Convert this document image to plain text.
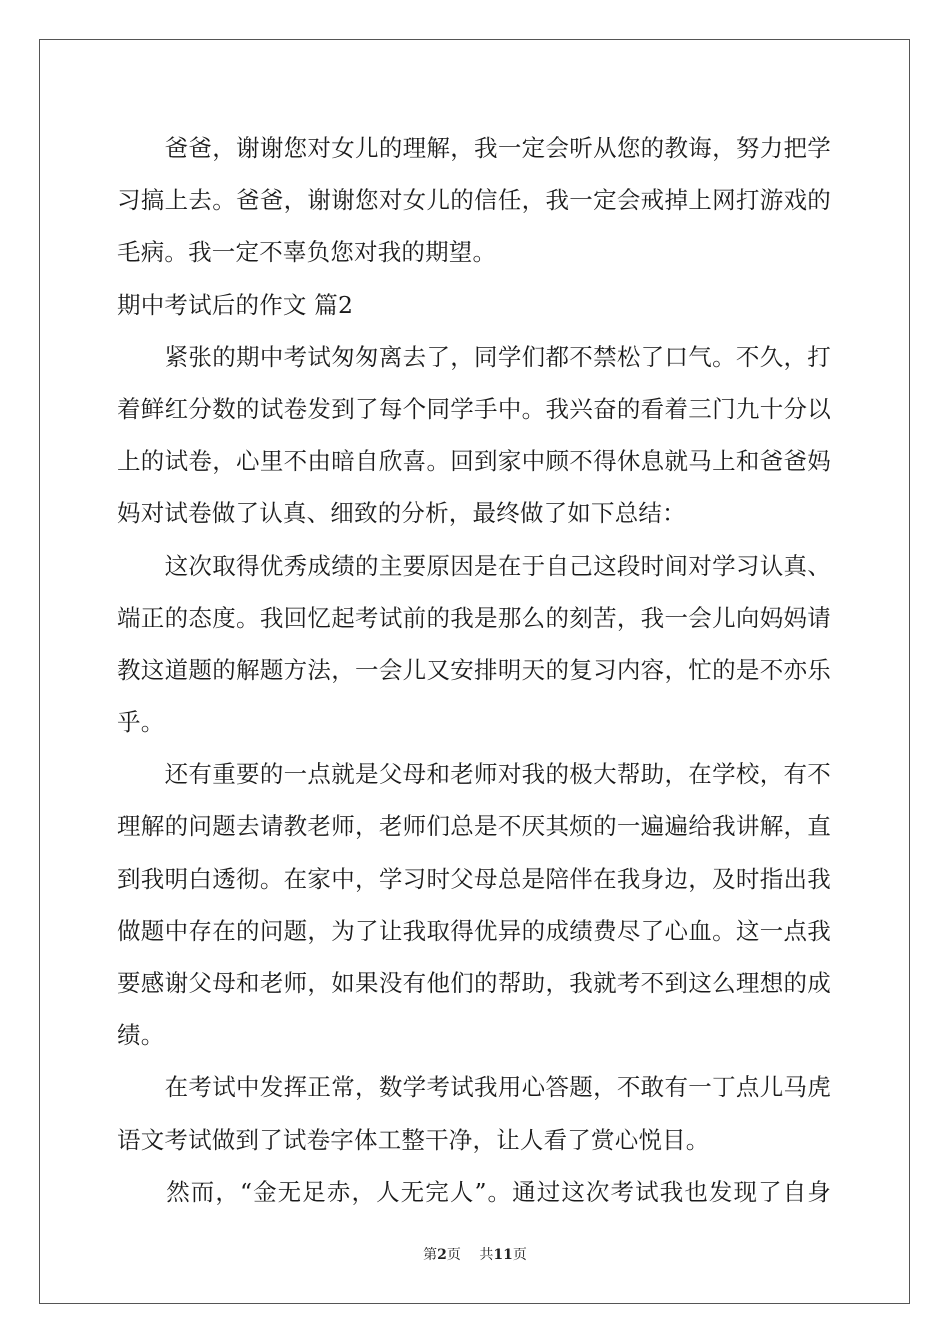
　　爸爸，谢谢您对女儿的理解，我一定会听从您的教诲，努力把学
习搞上去。爸爸，谢谢您对女儿的信任，我一定会戒掉上网打游戏的
毛病。我一定不辜负您对我的期望。
期中考试后的作文 篇2
　　紧张的期中考试匆匆离去了，同学们都不禁松了口气。不久，打
着鲜红分数的试卷发到了每个同学手中。我兴奋的看着三门九十分以
上的试卷，心里不由暗自欣喜。回到家中顾不得休息就马上和爸爸妈
妈对试卷做了认真、细致的分析，最终做了如下总结：
　　这次取得优秀成绩的主要原因是在于自己这段时间对学习认真、
端正的态度。我回忆起考试前的我是那么的刻苦，我一会儿向妈妈请
教这道题的解题方法，一会儿又安排明天的复习内容，忙的是不亦乐
乎。
　　还有重要的一点就是父母和老师对我的极大帮助，在学校，有不
理解的问题去请教老师，老师们总是不厌其烦的一遍遍给我讲解，直
到我明白透彻。在家中，学习时父母总是陪伴在我身边，及时指出我
做题中存在的问题，为了让我取得优异的成绩费尽了心血。这一点我
要感谢父母和老师，如果没有他们的帮助，我就考不到这么理想的成
绩。
　　在考试中发挥正常，数学考试我用心答题，不敢有一丁点儿马虎
语文考试做到了试卷字体工整干净，让人看了赏心悦目。
　　然而，“金无足赤，人无完人”。通过这次考试我也发现了自身
第2页　 共11页
